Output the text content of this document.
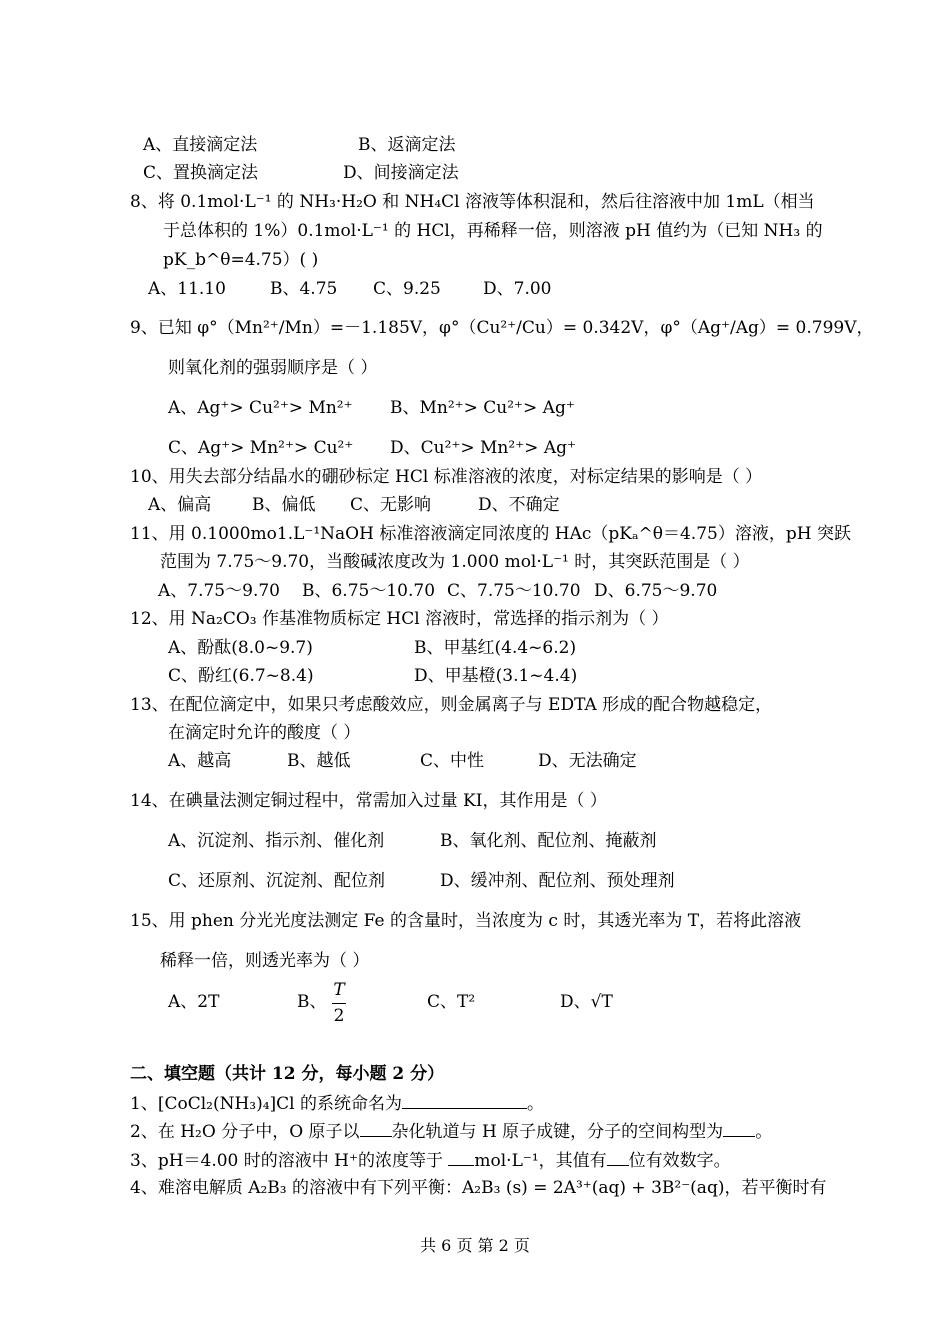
A、直接滴定法	B、返滴定法
C、置换滴定法	D、间接滴定法
8、将 0.1mol·L⁻¹ 的 NH₃·H₂O 和 NH₄Cl 溶液等体积混和，然后往溶液中加 1mL（相当
于总体积的 1%）0.1mol·L⁻¹ 的 HCl，再稀释一倍，则溶液 pH 值约为（已知 NH₃ 的
pK_b^θ=4.75）( )
A、11.10	B、4.75 C、9.25 D、7.00
9、已知 φ°（Mn²⁺/Mn）=－1.185V，φ°（Cu²⁺/Cu）= 0.342V，φ°（Ag⁺/Ag）= 0.799V，
则氧化剂的强弱顺序是（ ）
A、Ag⁺> Cu²⁺> Mn²⁺ B、Mn²⁺> Cu²⁺> Ag⁺
C、Ag⁺> Mn²⁺> Cu²⁺ D、Cu²⁺> Mn²⁺> Ag⁺
10、用失去部分结晶水的硼砂标定 HCl 标准溶液的浓度，对标定结果的影响是（ ）
A、偏高 B、偏低 C、无影响	D、不确定
11、用 0.1000mo1.L⁻¹NaOH 标准溶液滴定同浓度的 HAc（pKₐ^θ＝4.75）溶液，pH 突跃
范围为 7.75～9.70，当酸碱浓度改为 1.000 mol·L⁻¹ 时，其突跃范围是（ ）
A、7.75～9.70 B、6.75～10.70 C、7.75～10.70 D、6.75～9.70
12、用 Na₂CO₃ 作基准物质标定 HCl 溶液时，常选择的指示剂为（ ）
A、酚酞(8.0~9.7)	B、甲基红(4.4~6.2)
C、酚红(6.7~8.4)	D、甲基橙(3.1~4.4)
13、在配位滴定中，如果只考虑酸效应，则金属离子与 EDTA 形成的配合物越稳定，
在滴定时允许的酸度（ ）
A、越高	B、越低	C、中性	D、无法确定
14、在碘量法测定铜过程中，常需加入过量 KI，其作用是（ ）
A、沉淀剂、指示剂、催化剂	B、氧化剂、配位剂、掩蔽剂
C、还原剂、沉淀剂、配位剂	D、缓冲剂、配位剂、预处理剂
15、用 phen 分光光度法测定 Fe 的含量时，当浓度为 c 时，其透光率为 T，若将此溶液
稀释一倍，则透光率为（ ）
A、2T	B、
T
2
C、T²	D、√T
二、填空题（共计 12 分，每小题 2 分）
1、[CoCl₂(NH₃)₄]Cl 的系统命名为	。
2、在 H₂O 分子中，O 原子以 杂化轨道与 H 原子成键，分子的空间构型为 。
3、pH＝4.00 时的溶液中 H⁺的浓度等于 mol·L⁻¹，其值有 位有效数字。
4、难溶电解质 A₂B₃ 的溶液中有下列平衡：A₂B₃ (s) = 2A³⁺(aq) + 3B²⁻(aq)，若平衡时有
共 6 页 第 2 页
